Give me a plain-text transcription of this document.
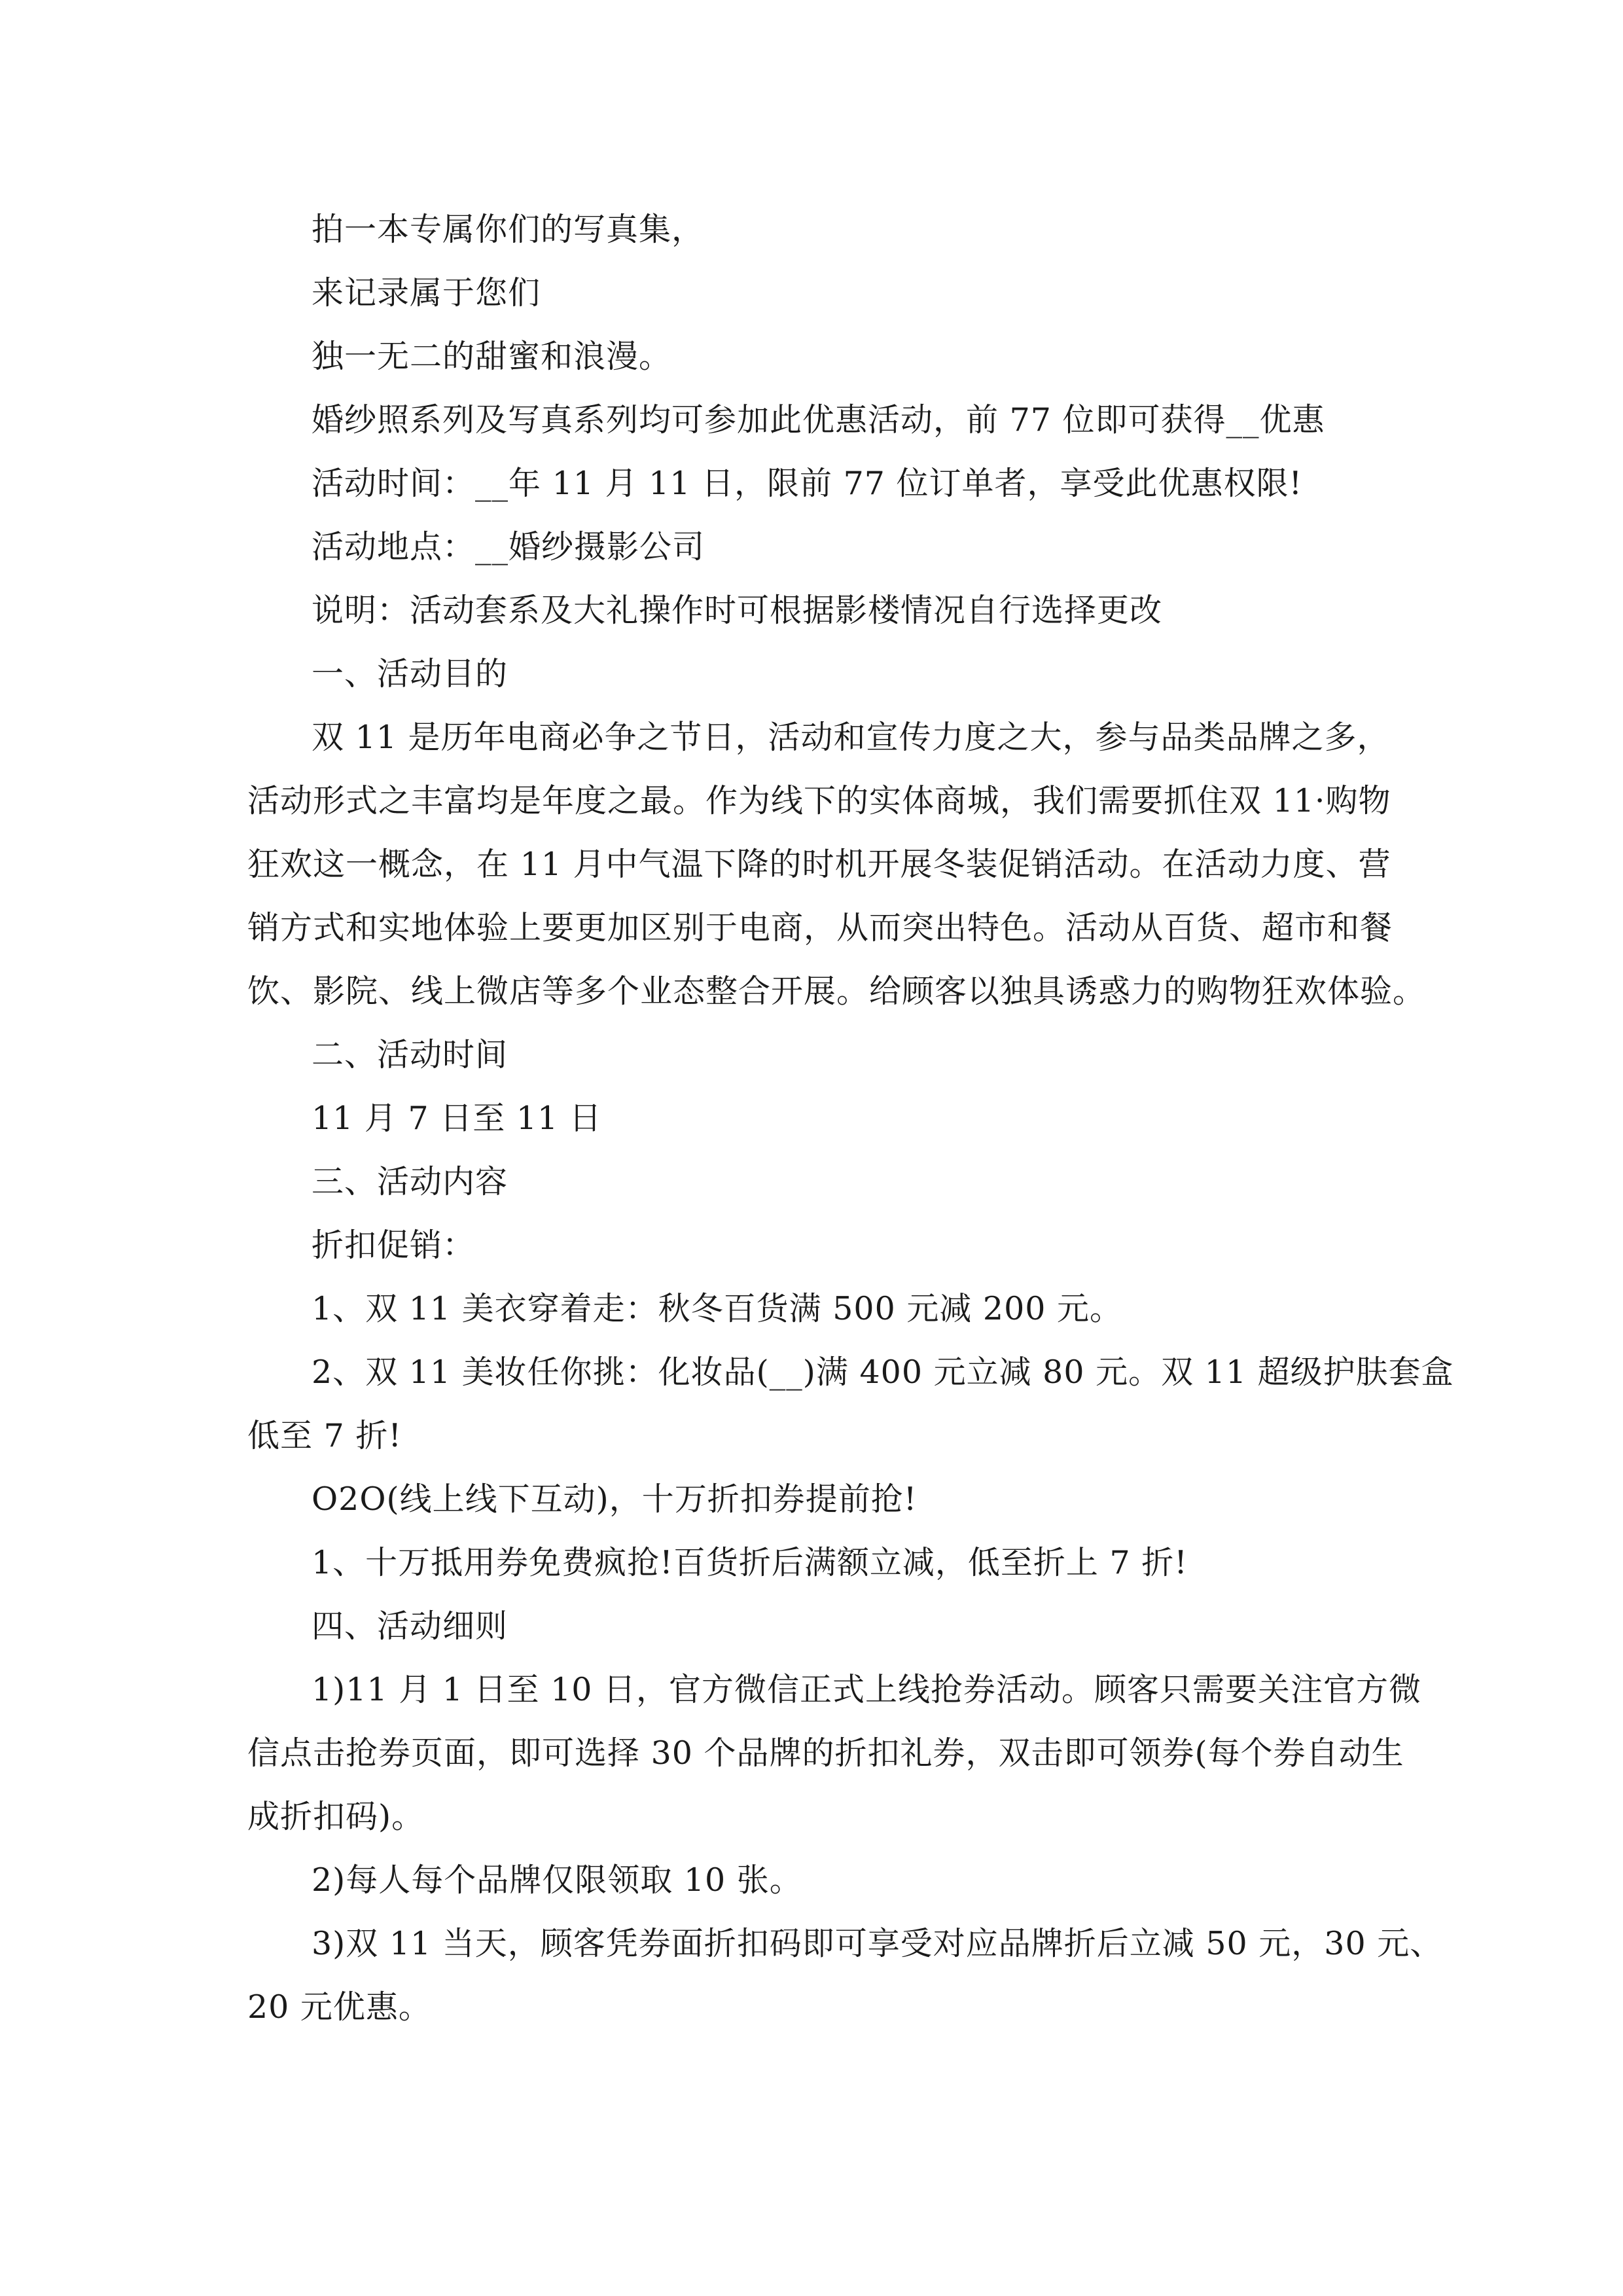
拍一本专属你们的写真集，
来记录属于您们
独一无二的甜蜜和浪漫。
婚纱照系列及写真系列均可参加此优惠活动，前 77 位即可获得__优惠
活动时间：__年 11 月 11 日，限前 77 位订单者，享受此优惠权限!
活动地点：__婚纱摄影公司
说明：活动套系及大礼操作时可根据影楼情况自行选择更改
一、活动目的
双 11 是历年电商必争之节日，活动和宣传力度之大，参与品类品牌之多，
活动形式之丰富均是年度之最。作为线下的实体商城，我们需要抓住双 11·购物
狂欢这一概念，在 11 月中气温下降的时机开展冬装促销活动。在活动力度、营
销方式和实地体验上要更加区别于电商，从而突出特色。活动从百货、超市和餐
饮、影院、线上微店等多个业态整合开展。给顾客以独具诱惑力的购物狂欢体验。
二、活动时间
11 月 7 日至 11 日
三、活动内容
折扣促销：
1、双 11 美衣穿着走：秋冬百货满 500 元减 200 元。
2、双 11 美妆任你挑：化妆品(__)满 400 元立减 80 元。双 11 超级护肤套盒
低至 7 折!
O2O(线上线下互动)，十万折扣券提前抢!
1、十万抵用券免费疯抢!百货折后满额立减，低至折上 7 折!
四、活动细则
1)11 月 1 日至 10 日，官方微信正式上线抢券活动。顾客只需要关注官方微
信点击抢券页面，即可选择 30 个品牌的折扣礼券，双击即可领券(每个券自动生
成折扣码)。
2)每人每个品牌仅限领取 10 张。
3)双 11 当天，顾客凭券面折扣码即可享受对应品牌折后立减 50 元，30 元、
20 元优惠。
